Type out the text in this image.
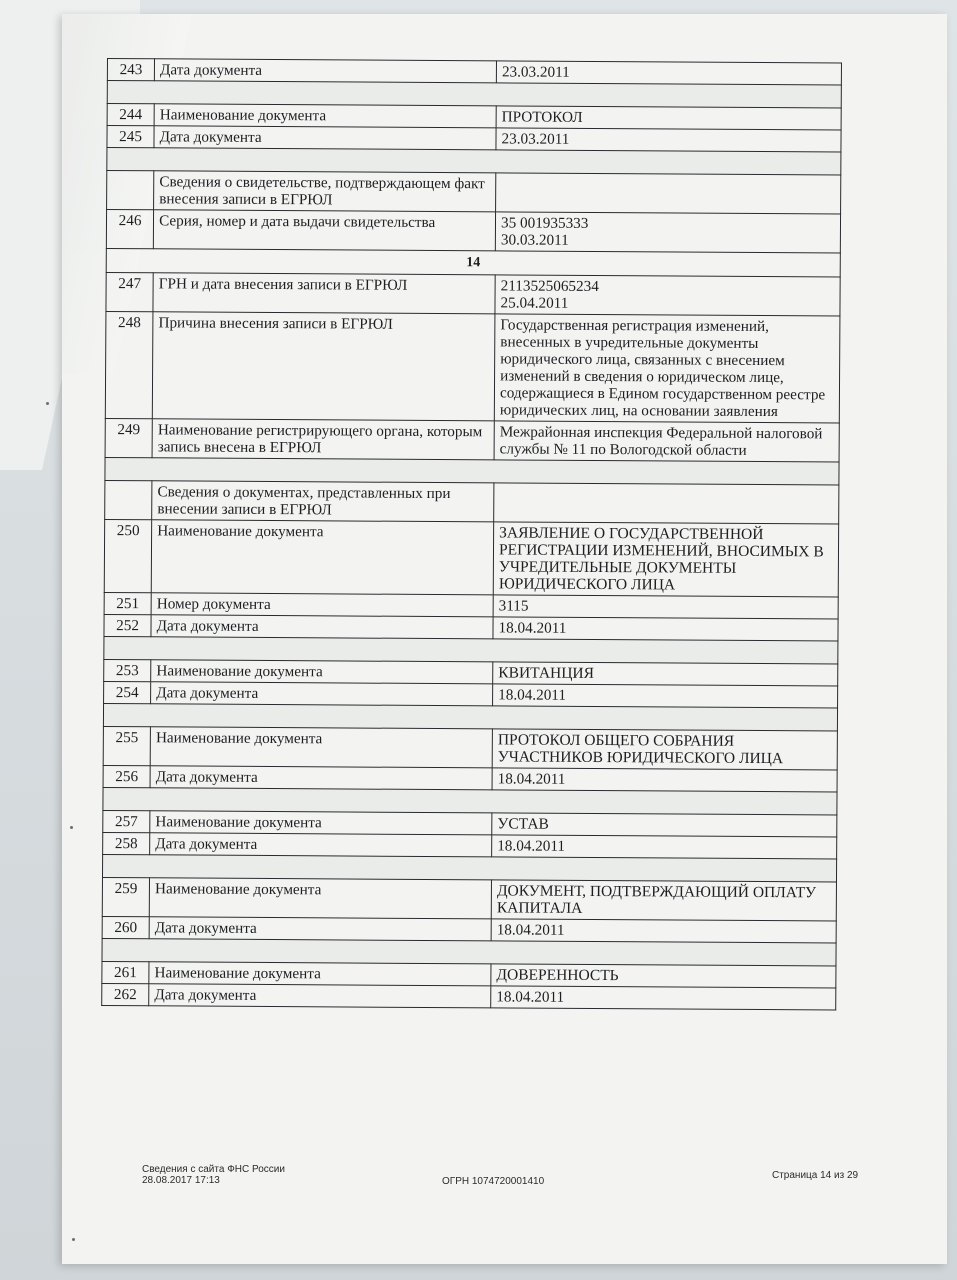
243	Дата документа	23.03.2011

244	Наименование документа	ПРОТОКОЛ
245	Дата документа	23.03.2011

	Сведения о свидетельстве, подтверждающем факт внесения записи в ЕГРЮЛ	
246	Серия, номер и дата выдачи свидетельства	35 001935333
30.03.2011

14		
247	ГРН и дата внесения записи в ЕГРЮЛ	2113525065234
25.04.2011

248	Причина внесения записи в ЕГРЮЛ	Государственная регистрация изменений, внесенных в учредительные документы юридического лица, связанных с внесением изменений в сведения о юридическом лице, содержащиеся в Едином государственном реестре юридических лиц, на основании заявления
249	Наименование регистрирующего органа, которым запись внесена в ЕГРЮЛ	Межрайонная инспекция Федеральной налоговой службы № 11 по Вологодской области

	Сведения о документах, представленных при внесении записи в ЕГРЮЛ	
250	Наименование документа	ЗАЯВЛЕНИЕ О ГОСУДАРСТВЕННОЙ РЕГИСТРАЦИИ ИЗМЕНЕНИЙ, ВНОСИМЫХ В УЧРЕДИТЕЛЬНЫЕ ДОКУМЕНТЫ ЮРИДИЧЕСКОГО ЛИЦА
251	Номер документа	3115
252	Дата документа	18.04.2011

253	Наименование документа	КВИТАНЦИЯ
254	Дата документа	18.04.2011

255	Наименование документа	ПРОТОКОЛ ОБЩЕГО СОБРАНИЯ УЧАСТНИКОВ ЮРИДИЧЕСКОГО ЛИЦА
256	Дата документа	18.04.2011

257	Наименование документа	УСТАВ
258	Дата документа	18.04.2011

259	Наименование документа	ДОКУМЕНТ, ПОДТВЕРЖДАЮЩИЙ ОПЛАТУ КАПИТАЛА
260	Дата документа	18.04.2011

261	Наименование документа	ДОВЕРЕННОСТЬ
262	Дата документа	18.04.2011
Сведения с сайта ФНС России
28.08.2017 17:13	ОГРН 1074720001410
Страница 14 из 29
